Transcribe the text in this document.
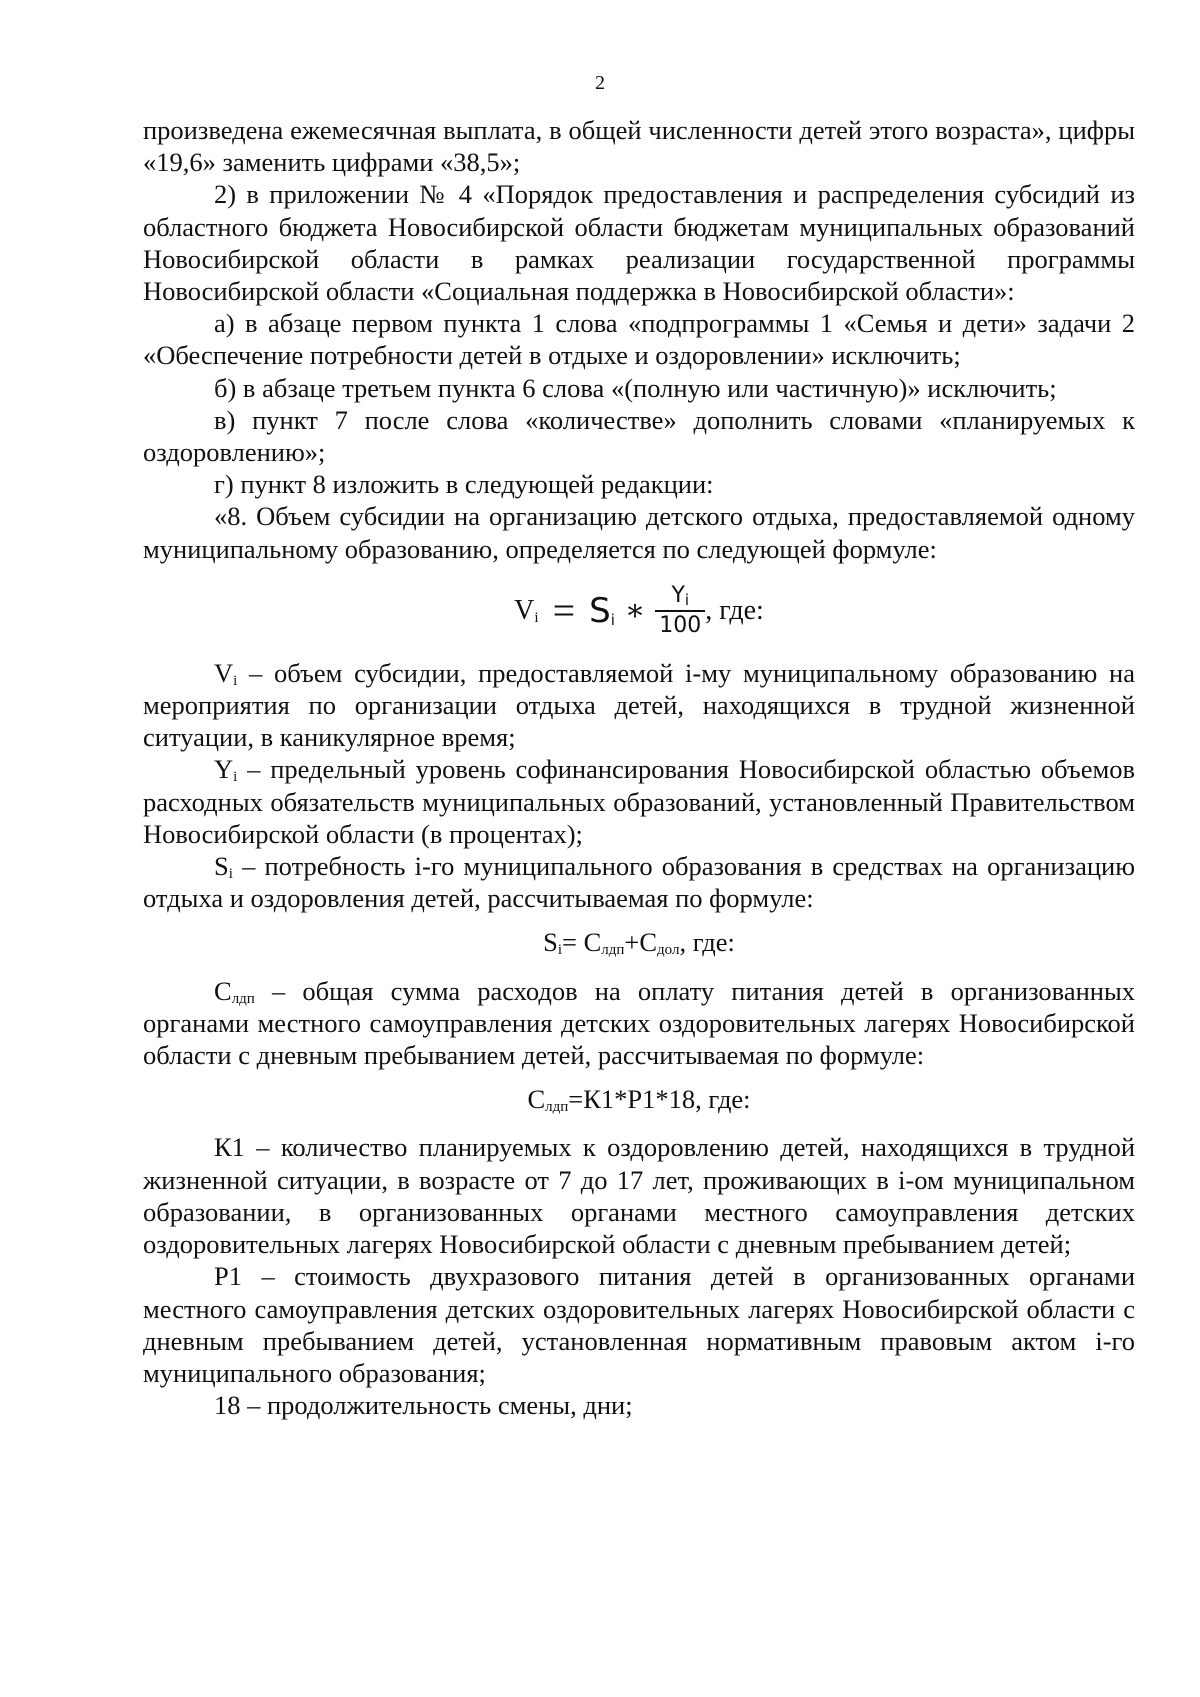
2

произведена ежемесячная выплата, в общей численности детей этого возраста», цифры «19,6» заменить цифрами «38,5»;

2) в приложении № 4 «Порядок предоставления и распределения субсидий из областного бюджета Новосибирской области бюджетам муниципальных образований Новосибирской области в рамках реализации государственной программы Новосибирской области «Социальная поддержка в Новосибирской области»:

а) в абзаце первом пункта 1 слова «подпрограммы 1 «Семья и дети» задачи 2 «Обеспечение потребности детей в отдыхе и оздоровлении» исключить;

б) в абзаце третьем пункта 6 слова «(полную или частичную)» исключить;

в) пункт 7 после слова «количестве» дополнить словами «планируемых к оздоровлению»;

г) пункт 8 изложить в следующей редакции:

«8. Объем субсидии на организацию детского отдыха, предоставляемой одному муниципальному образованию, определяется по следующей формуле:

$V_i = S_i$ ∗ $\frac{Y_i}{100}$ , где:

$V_i$ – объем субсидии, предоставляемой i-му муниципальному образованию на мероприятия по организации отдыха детей, находящихся в трудной жизненной ситуации, в каникулярное время;

$Y_i$ – предельный уровень софинансирования Новосибирской областью объемов расходных обязательств муниципальных образований, установленный Правительством Новосибирской области (в процентах);

$S_i$ – потребность i-го муниципального образования в средствах на организацию отдыха и оздоровления детей, рассчитываемая по формуле:

$S_i= C_{лдп}+C_{дол}$, где:

$C_{лдп}$ – общая сумма расходов на оплату питания детей в организованных органами местного самоуправления детских оздоровительных лагерях Новосибирской области с дневным пребыванием детей, рассчитываемая по формуле:

$C_{лдп}=К1*Р1*18$, где:

К1 – количество планируемых к оздоровлению детей, находящихся в трудной жизненной ситуации, в возрасте от 7 до 17 лет, проживающих в i-ом муниципальном образовании, в организованных органами местного самоуправления детских оздоровительных лагерях Новосибирской области с дневным пребыванием детей;

Р1 – стоимость двухразового питания детей в организованных органами местного самоуправления детских оздоровительных лагерях Новосибирской области с дневным пребыванием детей, установленная нормативным правовым актом i-го муниципального образования;

18 – продолжительность смены, дни;
